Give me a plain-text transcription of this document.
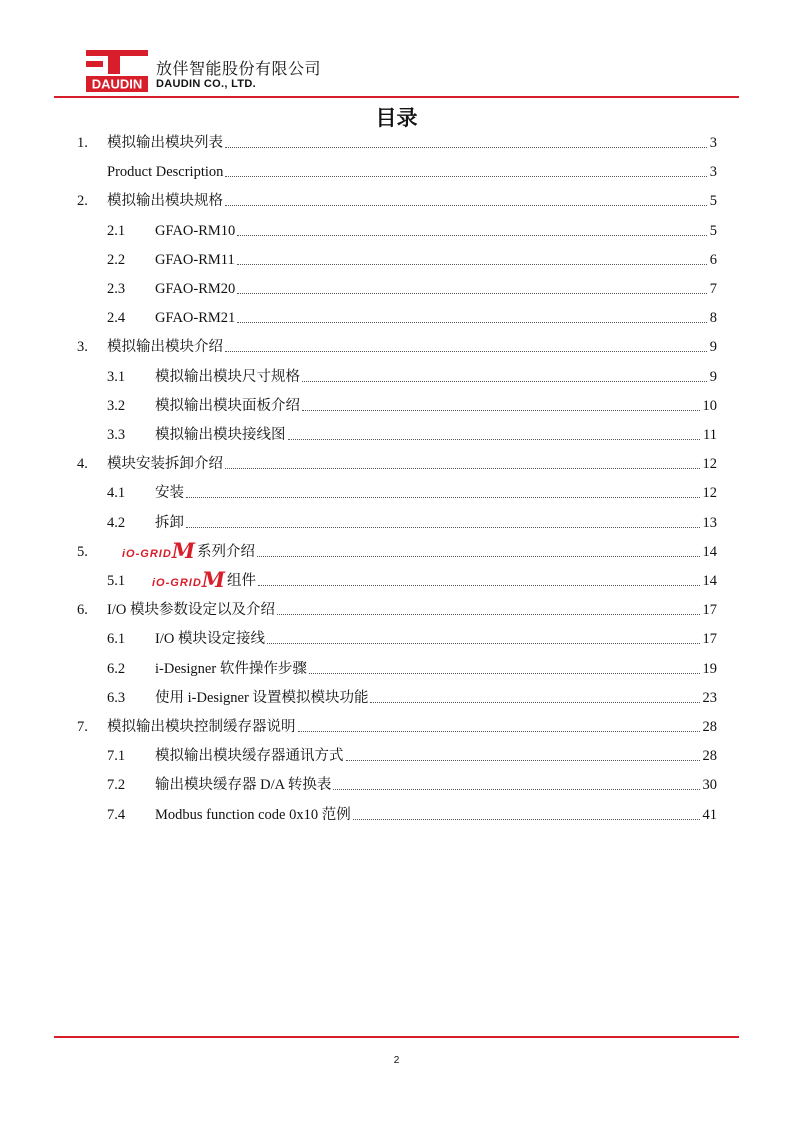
DAUDIN
放伴智能股份有限公司
DAUDIN CO., LTD.
目录
1. 模拟输出模块列表	3
Product Description	3
2. 模拟输出模块规格	5
2.1 GFAO-RM10	5
2.2 GFAO-RM11	6
2.3 GFAO-RM20	7
2.4 GFAO-RM21	8
3. 模拟输出模块介绍	9
3.1 模拟输出模块尺寸规格	9
3.2 模拟输出模块面板介绍	10
3.3 模拟输出模块接线图	11
4. 模块安装拆卸介绍	12
4.1 安装	12
4.2 拆卸	13
5.	iO-GRID M 系列介绍	14
5.1 iO-GRID M 组件	14
6. I/O 模块参数设定以及介绍	17
6.1 I/O 模块设定接线	17
6.2 i-Designer 软件操作步骤	19
6.3 使用 i-Designer 设置模拟模块功能	23
7. 模拟输出模块控制缓存器说明	28
7.1 模拟输出模块缓存器通讯方式	28
7.2 输出模块缓存器 D/A 转换表	30
7.4 Modbus function code 0x10 范例	41
2
